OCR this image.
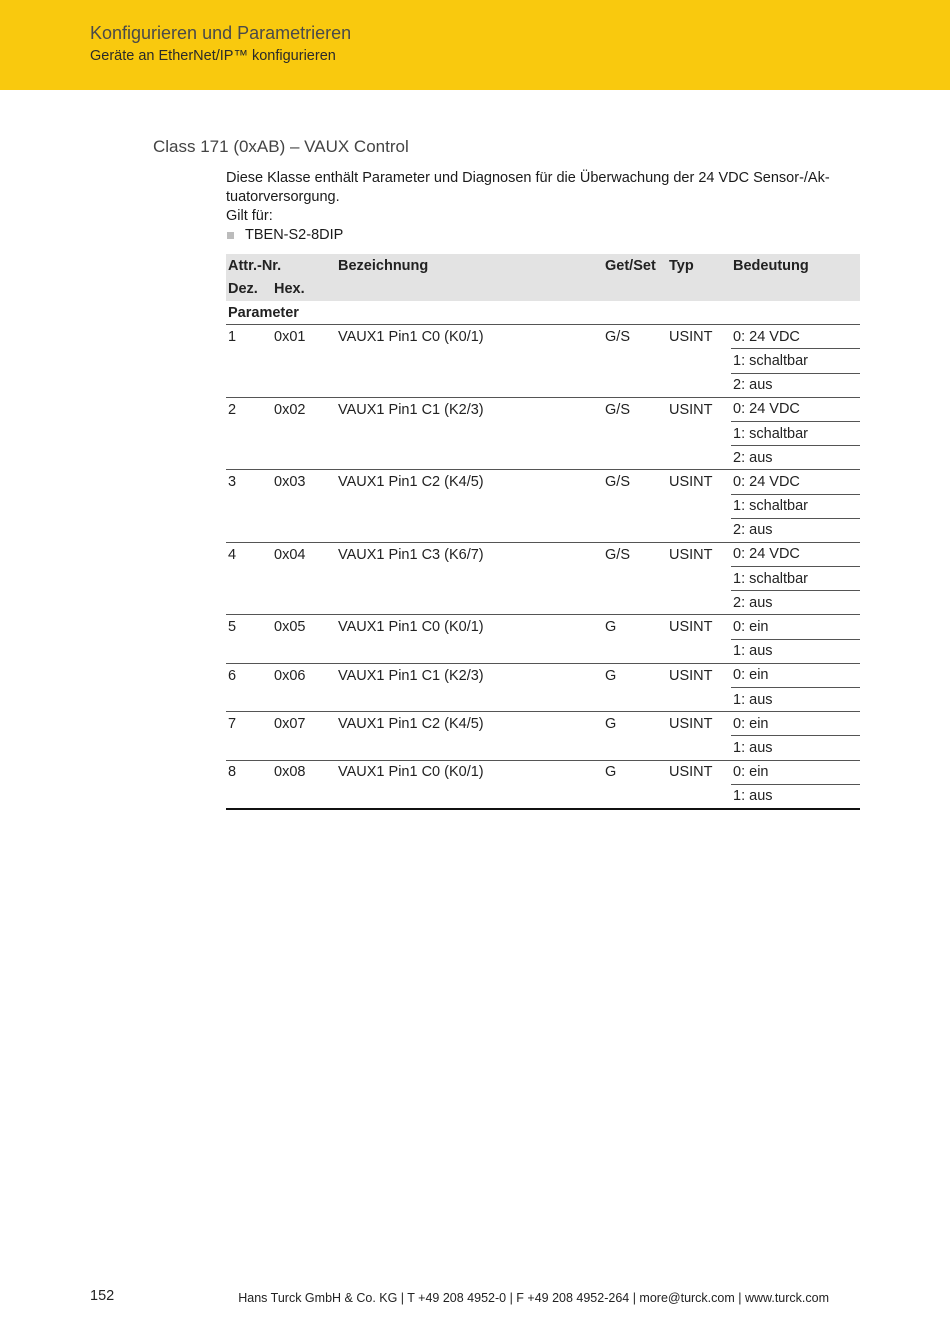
Konfigurieren und Parametrieren
Geräte an EtherNet/IP™ konfigurieren
Class 171 (0xAB) – VAUX Control

Diese Klasse enthält Parameter und Diagnosen für die Überwachung der 24 VDC Sensor-/Ak-

tuatorversorgung.

Gilt für:

TBEN-S2-8DIP

Attr.-Nr.		Bezeichnung	Get/Set	Typ	Bedeutung
Dez.	Hex.				
Parameter					
1	0x01	VAUX1 Pin1 C0 (K0/1)	G/S	USINT	0: 24 VDC
					1: schaltbar
					2: aus
2	0x02	VAUX1 Pin1 C1 (K2/3)	G/S	USINT	0: 24 VDC
					1: schaltbar
					2: aus
3	0x03	VAUX1 Pin1 C2 (K4/5)	G/S	USINT	0: 24 VDC
					1: schaltbar
					2: aus
4	0x04	VAUX1 Pin1 C3 (K6/7)	G/S	USINT	0: 24 VDC
					1: schaltbar
					2: aus
5	0x05	VAUX1 Pin1 C0 (K0/1)	G	USINT	0: ein
					1: aus
6	0x06	VAUX1 Pin1 C1 (K2/3)	G	USINT	0: ein
					1: aus
7	0x07	VAUX1 Pin1 C2 (K4/5)	G	USINT	0: ein
					1: aus
8	0x08	VAUX1 Pin1 C0 (K0/1)	G	USINT	0: ein
					1: aus
152	Hans Turck GmbH & Co. KG | T +49 208 4952-0 | F +49 208 4952-264 | more@turck.com | www.turck.com
